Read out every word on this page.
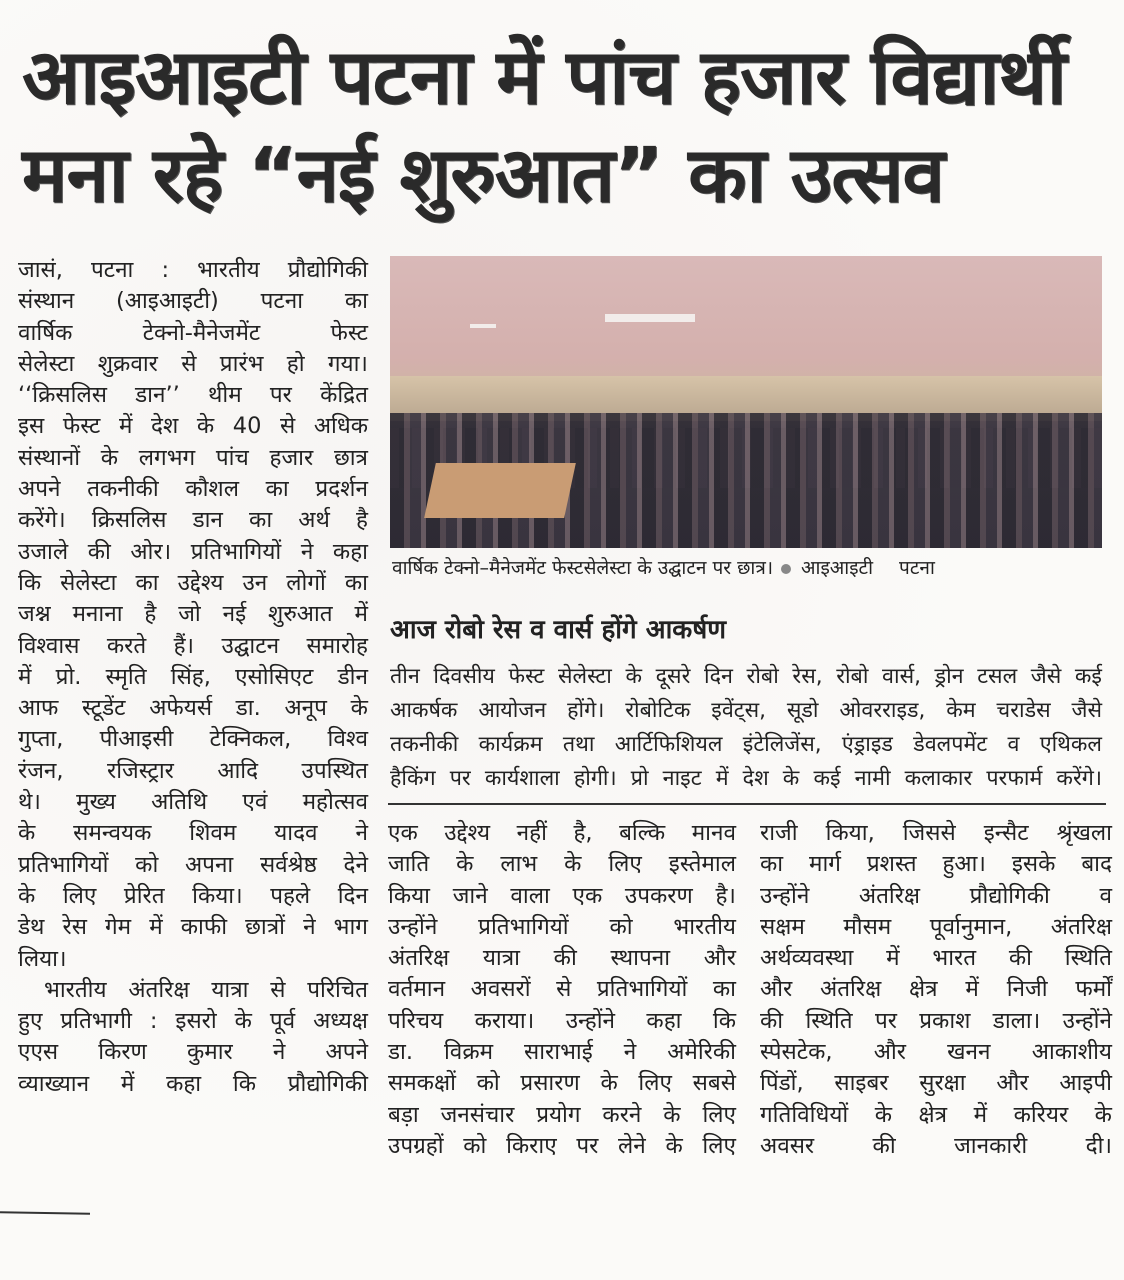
आइआइटी पटना में पांच हजार विद्यार्थी
मना रहे “नई शुरुआत” का उत्सव

जासं, पटना : भारतीय प्रौद्योगिकी

संस्थान (आइआइटी) पटना का

वार्षिक	टेक्नो-मैनेजमेंट	फेस्ट

सेलेस्टा शुक्रवार से प्रारंभ हो गया।

‘‘क्रिसलिस डान’’ थीम पर केंद्रित

इस फेस्ट में देश के 40 से अधिक

संस्थानों के लगभग पांच हजार छात्र

अपने तकनीकी कौशल का प्रदर्शन

करेंगे। क्रिसलिस डान का अर्थ है

उजाले की ओर। प्रतिभागियों ने कहा

कि सेलेस्टा का उद्देश्य उन लोगों का

जश्न मनाना है जो नई शुरुआत में

विश्वास करते हैं। उद्घाटन समारोह

में प्रो. स्मृति सिंह, एसोसिएट डीन

आफ स्टूडेंट अफेयर्स डा. अनूप के

गुप्ता, पीआइसी टेक्निकल, विश्व

रंजन, रजिस्ट्रार आदि उपस्थित

थे। मुख्य अतिथि एवं महोत्सव

के समन्वयक शिवम यादव ने

प्रतिभागियों को अपना सर्वश्रेष्ठ देने

के लिए प्रेरित किया। पहले दिन

डेथ रेस गेम में काफी छात्रों ने भाग

लिया।

भारतीय अंतरिक्ष यात्रा से परिचित

हुए प्रतिभागी : इसरो के पूर्व अध्यक्ष

एएस किरण कुमार ने अपने

व्याख्यान में कहा कि प्रौद्योगिकी

वार्षिक टेक्नो–मैनेजमेंट फेस्टसेलेस्टा के उद्घाटन पर छात्र। आइआइटी पटना
आज रोबो रेस व वार्स होंगे आकर्षण

तीन दिवसीय फेस्ट सेलेस्टा के दूसरे दिन रोबो रेस, रोबो वार्स, ड्रोन टसल जैसे कई

आकर्षक आयोजन होंगे। रोबोटिक इवेंट्स, सूडो ओवरराइड, केम चराडेस जैसे

तकनीकी कार्यक्रम तथा आर्टिफिशियल इंटेलिजेंस, एंड्राइड डेवलपमेंट व एथिकल

हैकिंग पर कार्यशाला होगी। प्रो नाइट में देश के कई नामी कलाकार परफार्म करेंगे।

एक उद्देश्य नहीं है, बल्कि मानव

जाति के लाभ के लिए इस्तेमाल

किया जाने वाला एक उपकरण है।

उन्होंने प्रतिभागियों को भारतीय

अंतरिक्ष यात्रा की स्थापना और

वर्तमान अवसरों से प्रतिभागियों का

परिचय कराया। उन्होंने कहा कि

डा. विक्रम साराभाई ने अमेरिकी

समकक्षों को प्रसारण के लिए सबसे

बड़ा जनसंचार प्रयोग करने के लिए

उपग्रहों को किराए पर लेने के लिए

राजी किया, जिससे इन्सैट श्रृंखला

का मार्ग प्रशस्त हुआ। इसके बाद

उन्होंने अंतरिक्ष प्रौद्योगिकी व

सक्षम मौसम पूर्वानुमान, अंतरिक्ष

अर्थव्यवस्था में भारत की स्थिति

और अंतरिक्ष क्षेत्र में निजी फर्मों

की स्थिति पर प्रकाश डाला। उन्होंने

स्पेसटेक, और खनन आकाशीय

पिंडों, साइबर सुरक्षा और आइपी

गतिविधियों के क्षेत्र में करियर के

अवसर की जानकारी दी।
